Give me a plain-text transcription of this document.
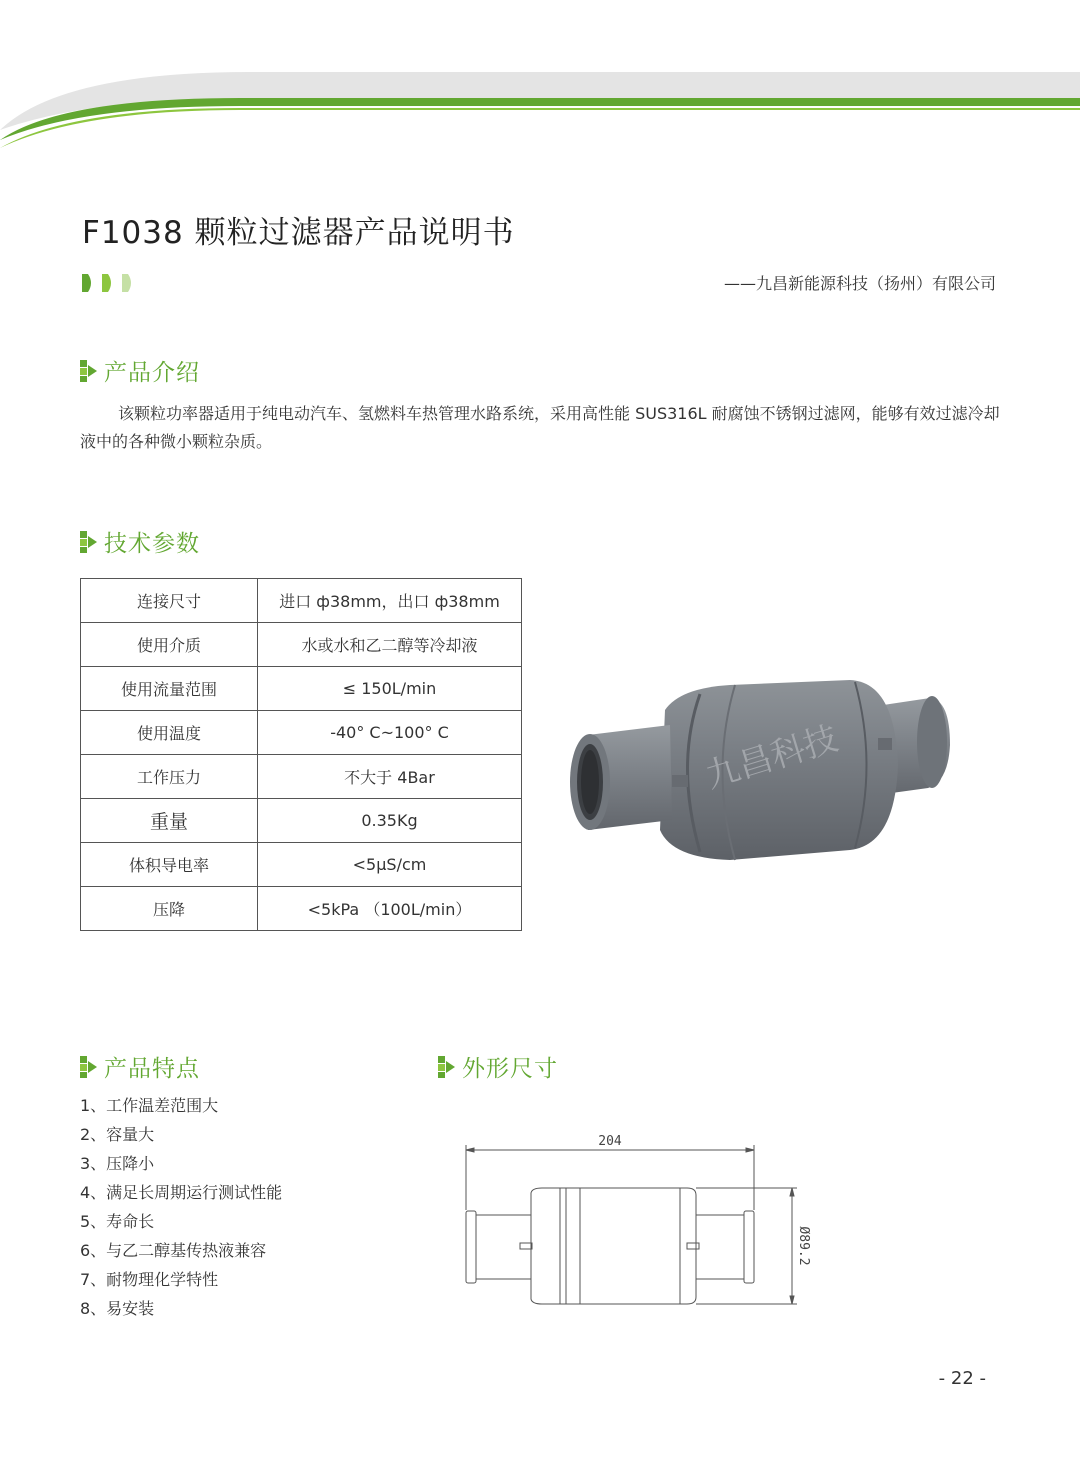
F1038 颗粒过滤器产品说明书
——九昌新能源科技（扬州）有限公司
产品介绍
该颗粒功率器适用于纯电动汽车、氢燃料车热管理水路系统，采用高性能 SUS316L 耐腐蚀不锈钢过滤网，能够有效过滤冷却液中的各种微小颗粒杂质。
技术参数
连接尺寸	进口 ф38mm，出口 ф38mm
使用介质	水或水和乙二醇等冷却液
使用流量范围	≤ 150L/min
使用温度	-40° C~100° C
工作压力	不大于 4Bar
重量	0.35Kg
体积导电率	<5μS/cm
压降	<5kPa （100L/min）
九昌科技
产品特点
1、工作温差范围大
2、容量大
3、压降小
4、满足长周期运行测试性能
5、寿命长
6、与乙二醇基传热液兼容
7、耐物理化学特性
8、易安装
外形尺寸
204
Ø89.2
- 22 -
